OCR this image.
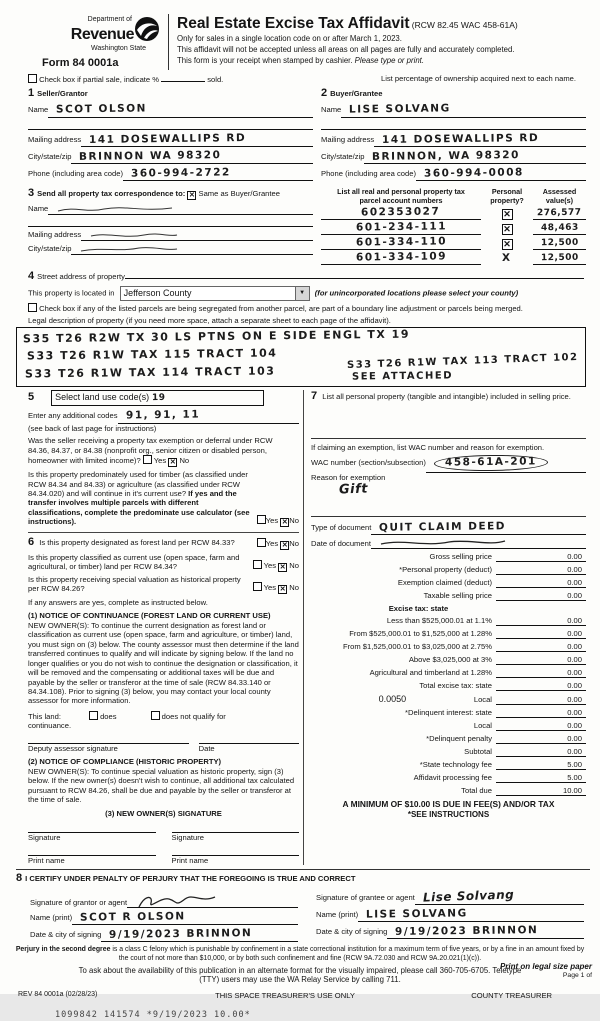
Department of
Revenue
Washington State
Form 84 0001a
Real Estate Excise Tax Affidavit (RCW 82.45 WAC 458-61A)
Only for sales in a single location code on or after March 1, 2023.
This affidavit will not be accepted unless all areas on all pages are fully and accurately completed.
This form is your receipt when stamped by cashier. Please type or print.
Check box if partial sale, indicate %	sold.	List percentage of ownership acquired next to each name.
1 Seller/Grantor
Name SCOT OLSON
Mailing address 141 DOSEWALLIPS RD
City/state/zip BRINNON WA 98320
Phone (including area code) 360-994-2722
2 Buyer/Grantee
Name LISE SOLVANG
Mailing address 141 DOSEWALLIPS RD
City/state/zip BRINNON, WA 98320
Phone (including area code) 360-994-0008
3 Send all property tax correspondence to: ✕ Same as Buyer/Grantee
Name
Mailing address
City/state/zip
List all real and personal property tax
parcel account numbers
Personal
property?
Assessed
value(s)
602353027	✕	276,577
601-234-111	✕	48,463
601-334-110	✕	12,500
601-334-109	X	12,500
4 Street address of property
This property is located in	Jefferson County	▼	(for unincorporated locations please select your county)
Check box if any of the listed parcels are being segregated from another parcel, are part of a boundary line adjustment or parcels being merged.
Legal description of property (if you need more space, attach a separate sheet to each page of the affidavit).
S35 T26 R2W TX 30 LS PTNS ON E SIDE ENGL TX 19
S33 T26 R1W TAX 115 TRACT 104
S33 T26 R1W TAX 114 TRACT 103
S33 T26 R1W TAX 113 TRACT 102
SEE ATTACHED
5	Select land use code(s) 19
Enter any additional codes 91, 91, 11
(see back of last page for instructions)
Was the seller receiving a property tax exemption or deferral under RCW 84.36, 84.37, or 84.38 (nonprofit org., senior citizen or disabled person, homeowner with limited income)? Yes ✕ No
Is this property predominately used for timber (as classified under RCW 84.34 and 84.33) or agriculture (as classified under RCW 84.34.020) and will continue in it's current use? If yes and the transfer involves multiple parcels with different classifications, complete the predominate use calculator (see instructions).	Yes ✕ No
6 Is this property designated as forest land per RCW 84.33?	Yes ✕ No
Is this property classified as current use (open space, farm and agricultural, or timber) land per RCW 84.34?	Yes ✕ No
Is this property receiving special valuation as historical property per RCW 84.26?	Yes ✕ No
If any answers are yes, complete as instructed below.
(1) NOTICE OF CONTINUANCE (FOREST LAND OR CURRENT USE)
NEW OWNER(S): To continue the current designation as forest land or classification as current use (open space, farm and agriculture, or timber) land, you must sign on (3) below. The county assessor must then determine if the land transferred continues to qualify and will indicate by signing below. If the land no longer qualifies or you do not wish to continue the designation or classification, it will be removed and the compensating or additional taxes will be due and payable by the seller or transferor at the time of sale (RCW 84.33.140 or 84.34.108). Prior to signing (3) below, you may contact your local county assessor for more information.
This land:	does	does not qualify for
continuance.
Deputy assessor signature	Date
(2) NOTICE OF COMPLIANCE (HISTORIC PROPERTY)
NEW OWNER(S): To continue special valuation as historic property, sign (3) below. If the new owner(s) doesn't wish to continue, all additional tax calculated pursuant to RCW 84.26, shall be due and payable by the seller or transferor at the time of sale.
(3) NEW OWNER(S) SIGNATURE
Signature	Signature
Print name	Print name
7 List all personal property (tangible and intangible) included in selling price.
If claiming an exemption, list WAC number and reason for exemption.
WAC number (section/subsection)	458-61A-201
Reason for exemption
Gift
Type of document QUIT CLAIM DEED
Date of document
Gross selling price	0.00
*Personal property (deduct)	0.00
Exemption claimed (deduct)	0.00
Taxable selling price	0.00
Excise tax: state
Less than $525,000.01 at 1.1%	0.00
From $525,000.01 to $1,525,000 at 1.28%	0.00
From $1,525,000.01 to $3,025,000 at 2.75%	0.00
Above $3,025,000 at 3%	0.00
Agricultural and timberland at 1.28%	0.00
Total excise tax: state	0.00
0.0050	Local	0.00
*Delinquent interest: state	0.00
Local	0.00
*Delinquent penalty	0.00
Subtotal	0.00
*State technology fee	5.00
Affidavit processing fee	5.00
Total due	10.00
A MINIMUM OF $10.00 IS DUE IN FEE(S) AND/OR TAX
*SEE INSTRUCTIONS
8 I CERTIFY UNDER PENALTY OF PERJURY THAT THE FOREGOING IS TRUE AND CORRECT
Signature of grantor or agent
Name (print) SCOT R OLSON
Date & city of signing 9/19/2023 BRINNON
Signature of grantee or agent Lise Solvang
Name (print) LISE SOLVANG
Date & city of signing 9/19/2023 BRINNON
Perjury in the second degree is a class C felony which is punishable by confinement in a state correctional institution for a maximum term of five years, or by a fine in an amount fixed by the court of not more than $10,000, or by both such confinement and fine (RCW 9A.72.030 and RCW 9A.20.021(1)(c)).
To ask about the availability of this publication in an alternate format for the visually impaired, please call 360-705-6705. Teletype
(TTY) users may use the WA Relay Service by calling 711.
REV 84 0001a (02/28/23)	THIS SPACE TREASURER'S USE ONLY	COUNTY TREASURER
1099842 141574 *9/19/2023 10.00*
Print on legal size paper
Page 1 of
